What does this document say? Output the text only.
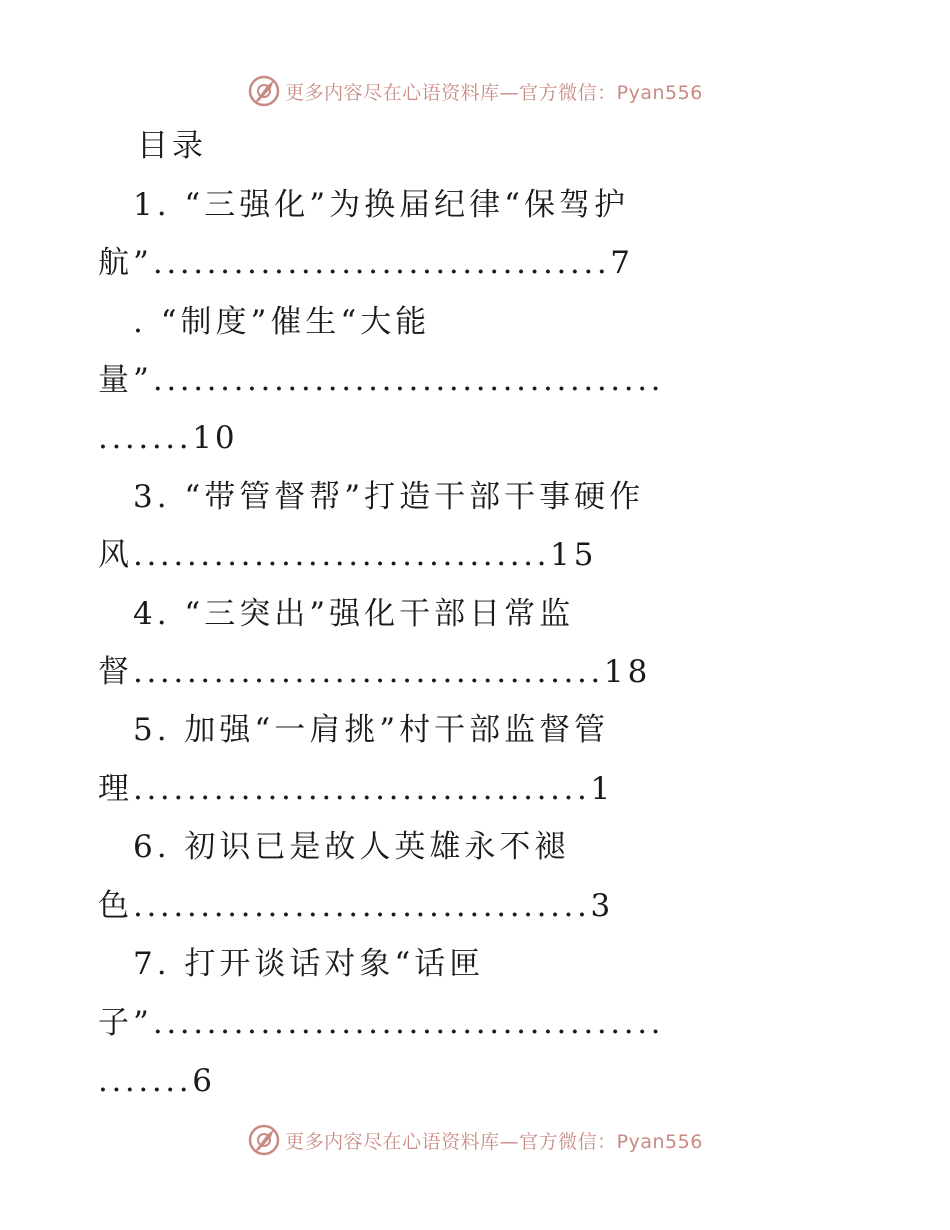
更多内容尽在心语资料库—官方微信：Pyan556
目录
1. “三强化”为换届纪律“保驾护
航”..................................7
. “制度”催生“大能
量”......................................
.......10
3. “带管督帮”打造干部干事硬作
风...............................15
4. “三突出”强化干部日常监
督...................................18
5. 加强“一肩挑”村干部监督管
理..................................1
6. 初识已是故人英雄永不褪
色..................................3
7. 打开谈话对象“话匣
子”......................................
.......6
更多内容尽在心语资料库—官方微信：Pyan556
